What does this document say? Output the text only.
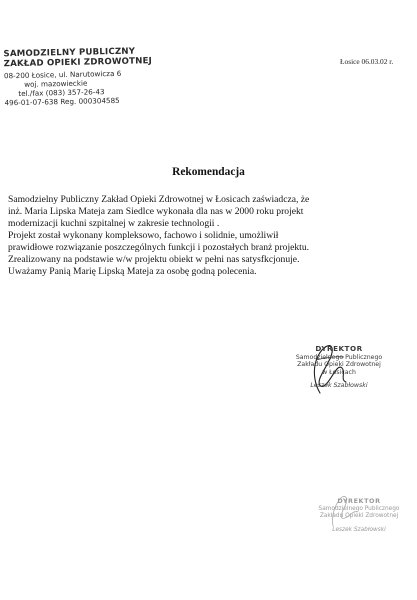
SAMODZIELNY PUBLICZNY
ZAKŁAD OPIEKI ZDROWOTNEJ
08-200 Łosice, ul. Narutowicza 6
woj. mazowieckie
tel./fax (083) 357-26-43
496-01-07-638 Reg. 000304585
Łosice 06.03.02 r.
Rekomendacja
Samodzielny Publiczny Zakład Opieki Zdrowotnej w Łosicach zaświadcza, że
inż. Maria Lipska Mateja zam Siedlce wykonała dla nas w 2000 roku projekt
modernizacji kuchni szpitalnej w zakresie technologii .
Projekt został wykonany kompleksowo, fachowo i solidnie, umożliwił
prawidłowe rozwiązanie poszczególnych funkcji i pozostałych branż projektu.
Zrealizowany na podstawie w/w projektu obiekt w pełni nas satysfkcjonuje.
Uważamy Panią Marię Lipską Mateja za osobę godną polecenia.
DYREKTOR
Samodzielnego Publicznego
Zakładu Opieki Zdrowotnej
w Łosicach
Leszek Szabłowski
DYREKTOR
Samodzielnego Publicznego
Zakładu Opieki Zdrowotnej
Leszek Szabłowski
